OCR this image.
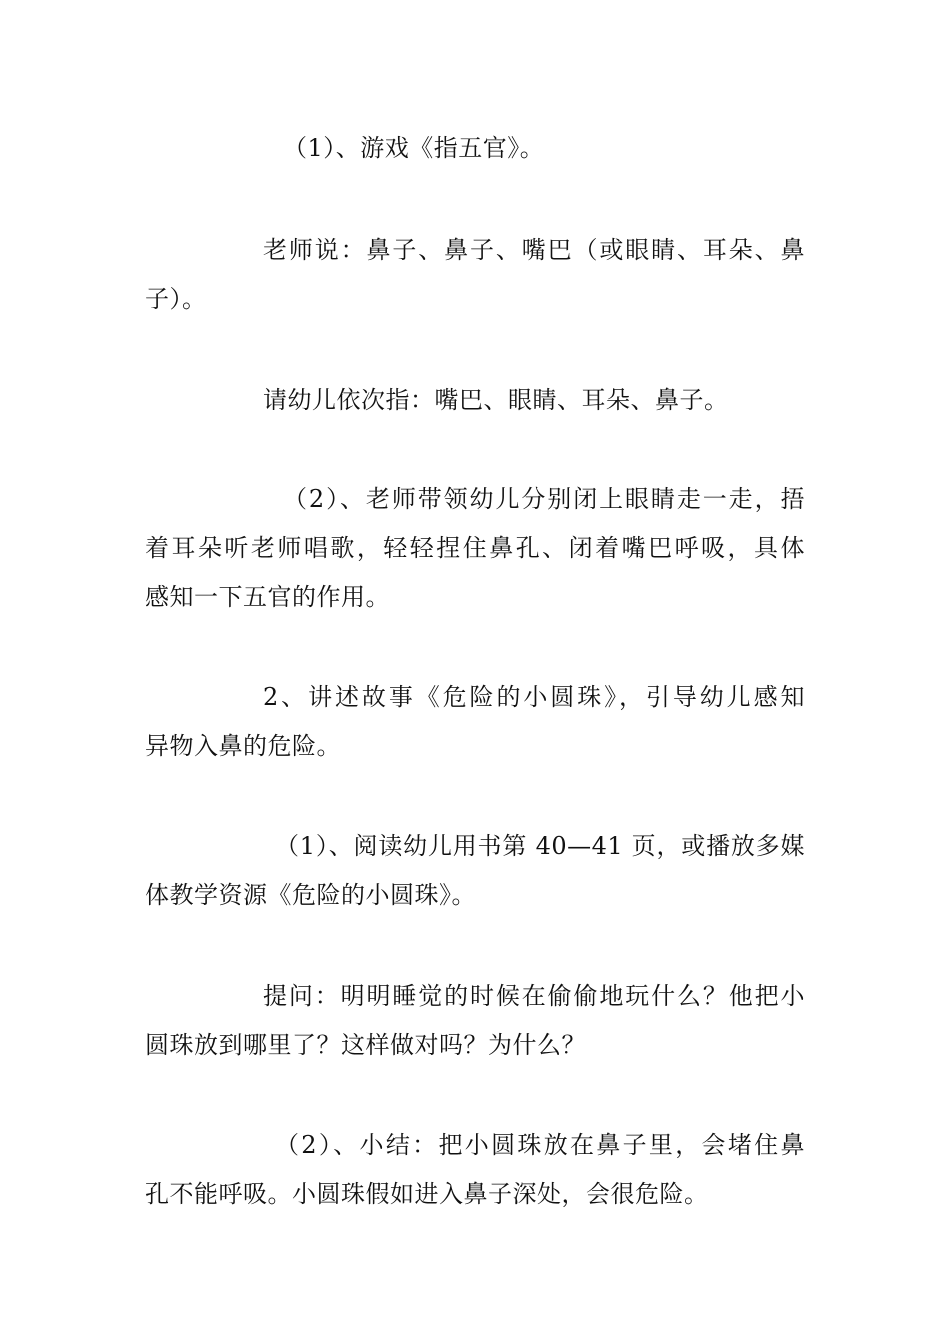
（1）、游戏《指五官》。
老师说：鼻子、鼻子、嘴巴（或眼睛、耳朵、鼻
子）。
请幼儿依次指：嘴巴、眼睛、耳朵、鼻子。
（2）、老师带领幼儿分别闭上眼睛走一走，捂
着耳朵听老师唱歌，轻轻捏住鼻孔、闭着嘴巴呼吸，具体
感知一下五官的作用。
2、讲述故事《危险的小圆珠》，引导幼儿感知
异物入鼻的危险。
（1）、阅读幼儿用书第 40—41 页，或播放多媒
体教学资源《危险的小圆珠》。
提问：明明睡觉的时候在偷偷地玩什么？他把小
圆珠放到哪里了？这样做对吗？为什么？
（2）、小结：把小圆珠放在鼻子里，会堵住鼻
孔不能呼吸。小圆珠假如进入鼻子深处，会很危险。
